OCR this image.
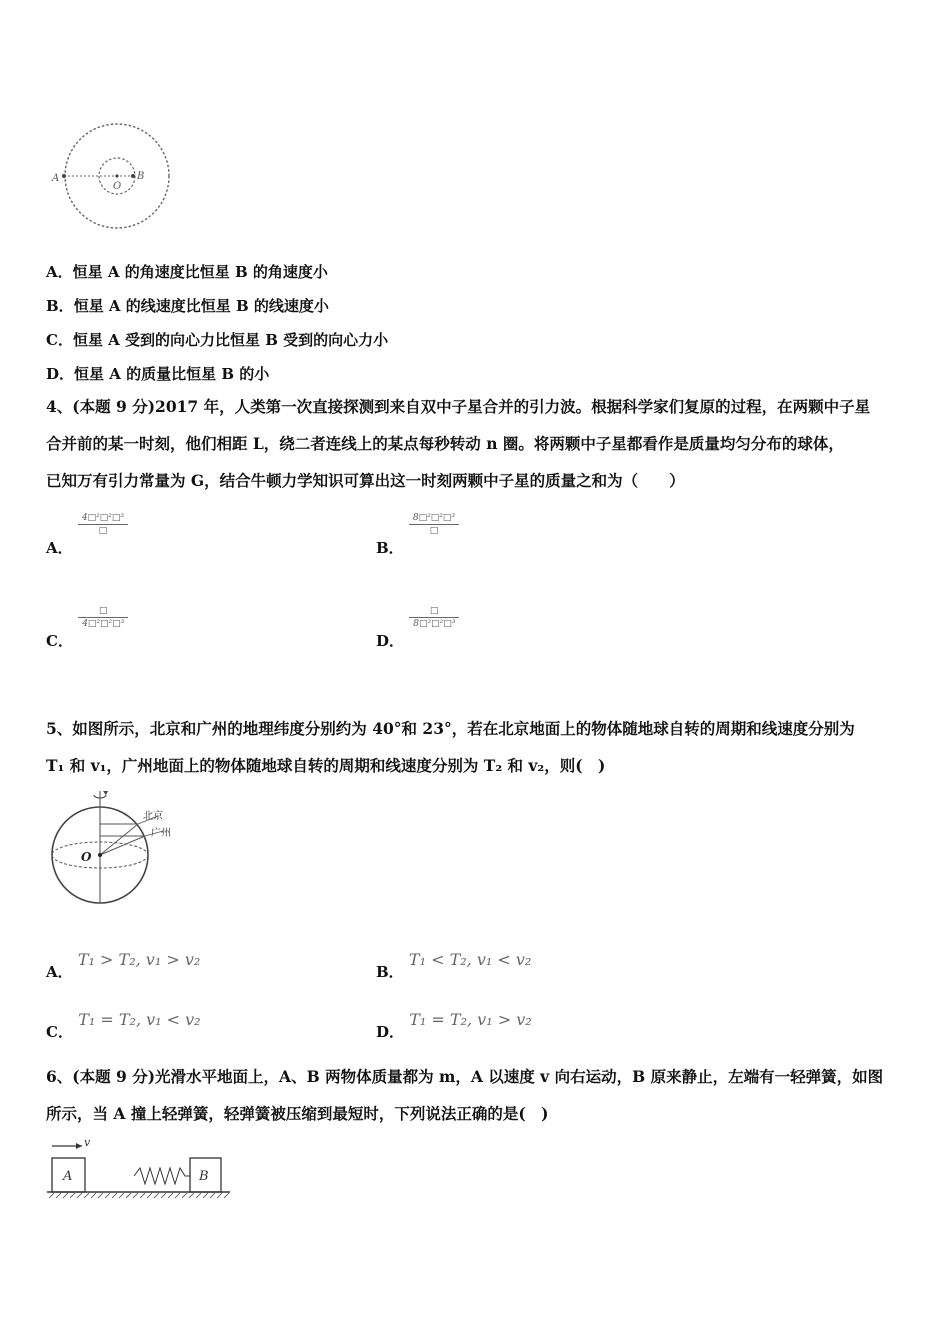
A
O
B
A．恒星 A 的角速度比恒星 B 的角速度小
B．恒星 A 的线速度比恒星 B 的线速度小
C．恒星 A 受到的向心力比恒星 B 受到的向心力小
D．恒星 A 的质量比恒星 B 的小
4、(本题 9 分)2017 年，人类第一次直接探测到来自双中子星合并的引力波。根据科学家们复原的过程，在两颗中子星
合并前的某一时刻，他们相距 L，绕二者连线上的某点每秒转动 n 圈。将两颗中子星都看作是质量均匀分布的球体，
已知万有引力常量为 G，结合牛顿力学知识可算出这一时刻两颗中子星的质量之和为（　　）
A．
$\frac{\text{4□²□²□³}}{□}$
B．
$\frac{\text{8□²□²□³}}{□}$
C．
$\frac{□}{\text{4□²□²□³}}$
D．
$\frac{□}{\text{8□²□²□³}}$
5、如图所示，北京和广州的地理纬度分别约为 40°和 23°，若在北京地面上的物体随地球自转的周期和线速度分别为
T₁ 和 v₁，广州地面上的物体随地球自转的周期和线速度分别为 T₂ 和 v₂，则(　)
北京
广州
O
A． T₁ > T₂, v₁ > v₂
B． T₁ < T₂, v₁ < v₂
C． T₁ = T₂, v₁ < v₂
D． T₁ = T₂, v₁ > v₂
6、(本题 9 分)光滑水平地面上，A、B 两物体质量都为 m，A 以速度 v 向右运动，B 原来静止，左端有一轻弹簧，如图
所示，当 A 撞上轻弹簧，轻弹簧被压缩到最短时，下列说法正确的是(　)
v
A	B
